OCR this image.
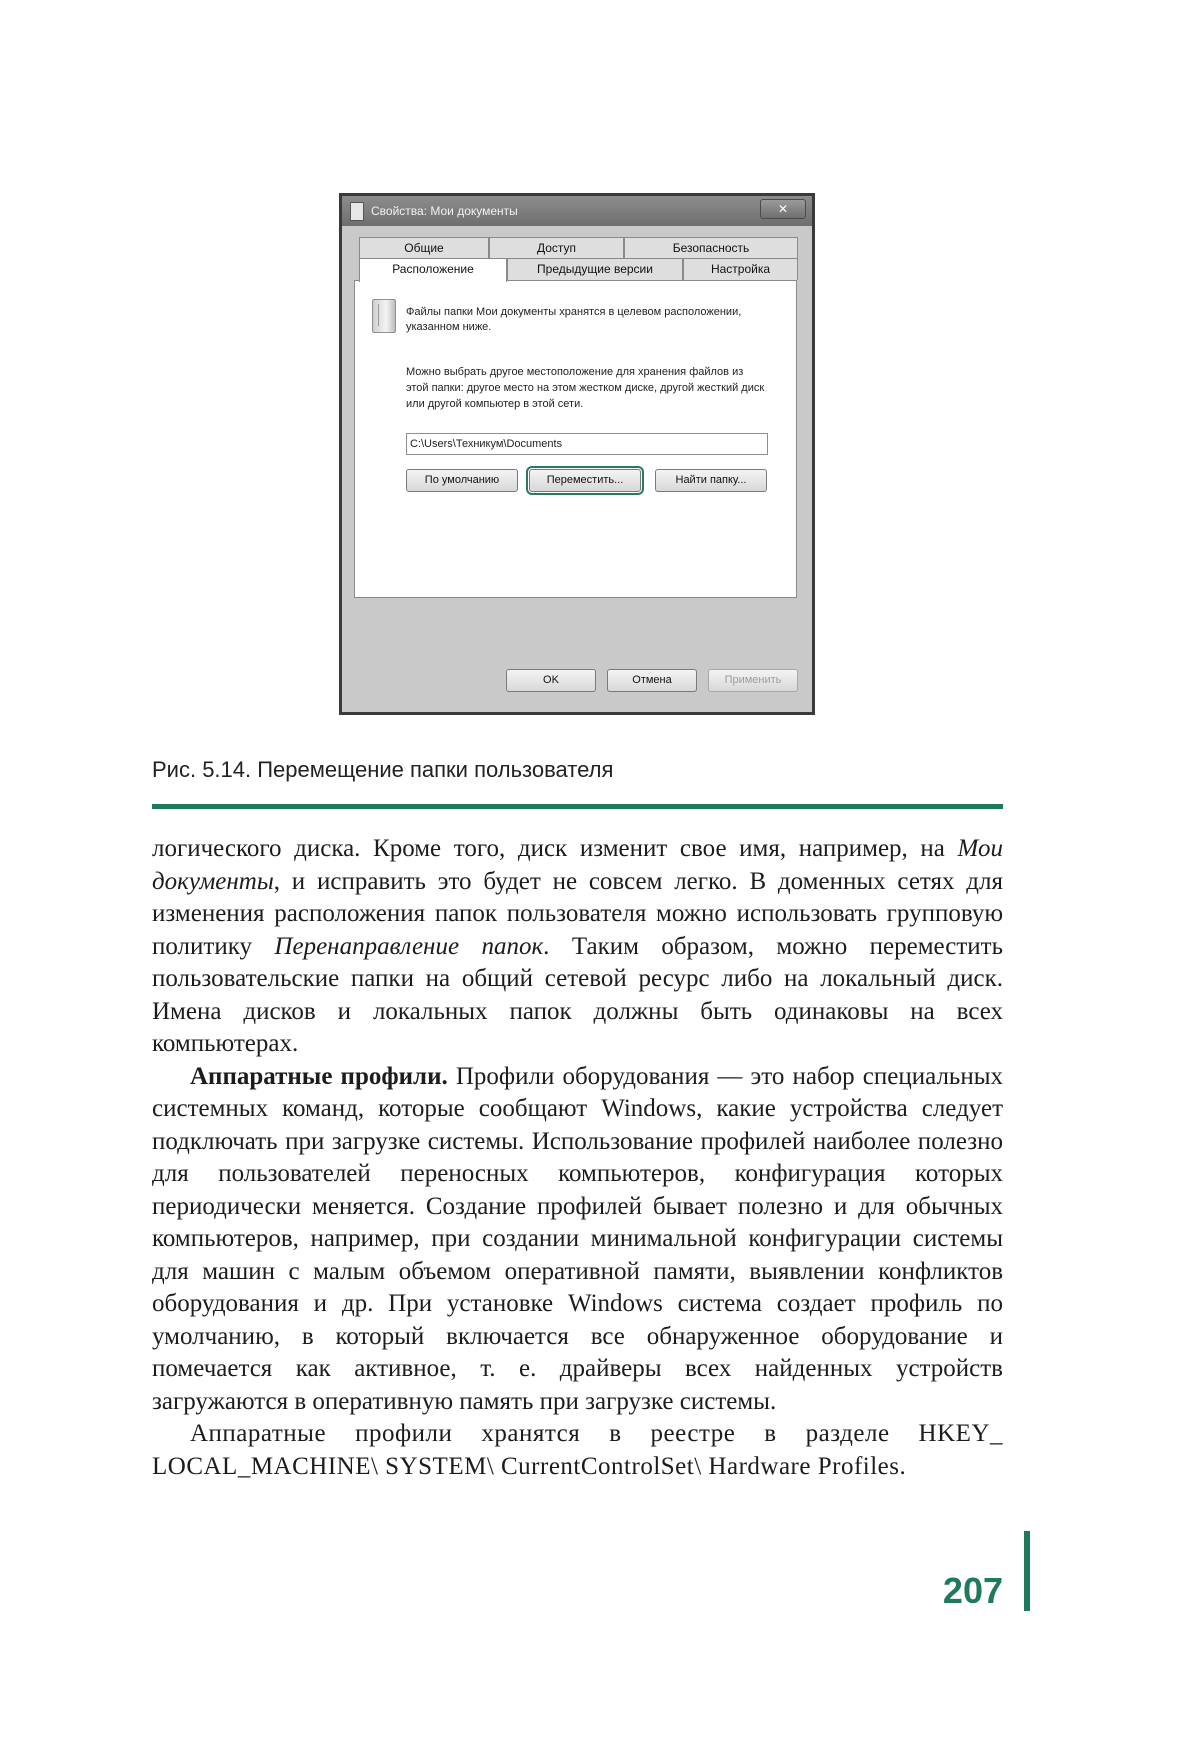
Свойства: Мои документы	✕
Общие	Доступ	Безопасность
Расположение	Предыдущие версии	Настройка
Файлы папки Мои документы хранятся в целевом расположении, указанном ниже.
Можно выбрать другое местоположение для хранения файлов из этой папки: другое место на этом жестком диске, другой жесткий диск или другой компьютер в этой сети.
C:\Users\Техникум\Documents
По умолчанию	Переместить...	Найти папку...
OK	Отмена	Применить
Рис. 5.14. Перемещение папки пользователя

логического диска. Кроме того, диск изменит свое имя, например, на Мои документы, и исправить это будет не совсем легко. В доменных сетях для изменения расположения папок пользователя можно использовать групповую политику Перенаправление папок. Таким образом, можно переместить пользовательские папки на общий сетевой ресурс либо на локальный диск. Имена дисков и локальных папок должны быть одинаковы на всех компьютерах.

Аппаратные профили. Профили оборудования — это набор специальных системных команд, которые сообщают Windows, какие устройства следует подключать при загрузке системы. Использование профилей наиболее полезно для пользователей переносных компьютеров, конфигурация которых периодически меняется. Создание профилей бывает полезно и для обычных компьютеров, например, при создании минимальной конфигурации системы для машин с малым объемом оперативной памяти, выявлении конфликтов оборудования и др. При установке Windows система создает профиль по умолчанию, в который включается все обнаруженное оборудование и помечается как активное, т. е. драйверы всех найденных устройств загружаются в оперативную память при загрузке системы.

Аппаратные профили хранятся в реестре в разделе HKEY_ LOCAL_MACHINE\ SYSTEM\ CurrentControlSet\ Hardware Profiles.

207
